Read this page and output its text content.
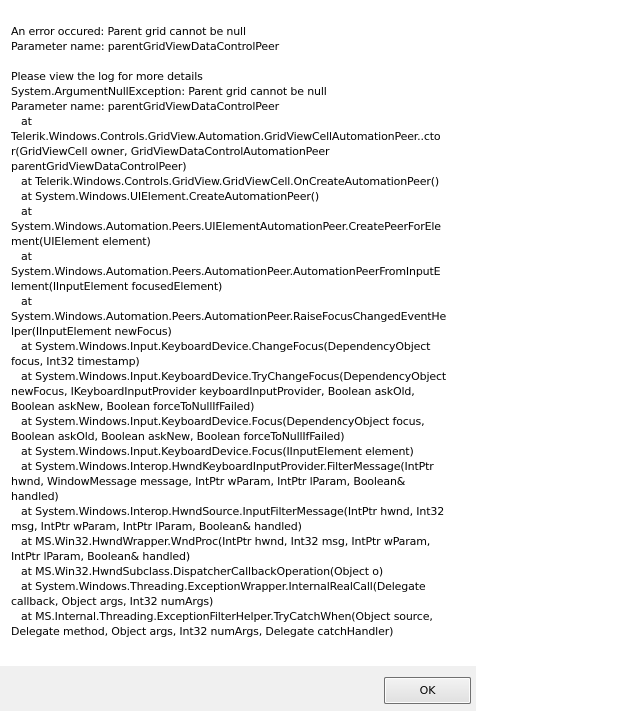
An error occured: Parent grid cannot be null
Parameter name: parentGridViewDataControlPeer
Please view the log for more details
System.ArgumentNullException: Parent grid cannot be null
Parameter name: parentGridViewDataControlPeer
at
Telerik.Windows.Controls.GridView.Automation.GridViewCellAutomationPeer..cto
r(GridViewCell owner, GridViewDataControlAutomationPeer
parentGridViewDataControlPeer)
at Telerik.Windows.Controls.GridView.GridViewCell.OnCreateAutomationPeer()
at System.Windows.UIElement.CreateAutomationPeer()
at
System.Windows.Automation.Peers.UIElementAutomationPeer.CreatePeerForEle
ment(UIElement element)
at
System.Windows.Automation.Peers.AutomationPeer.AutomationPeerFromInputE
lement(IInputElement focusedElement)
at
System.Windows.Automation.Peers.AutomationPeer.RaiseFocusChangedEventHe
lper(IInputElement newFocus)
at System.Windows.Input.KeyboardDevice.ChangeFocus(DependencyObject
focus, Int32 timestamp)
at System.Windows.Input.KeyboardDevice.TryChangeFocus(DependencyObject
newFocus, IKeyboardInputProvider keyboardInputProvider, Boolean askOld,
Boolean askNew, Boolean forceToNullIfFailed)
at System.Windows.Input.KeyboardDevice.Focus(DependencyObject focus,
Boolean askOld, Boolean askNew, Boolean forceToNullIfFailed)
at System.Windows.Input.KeyboardDevice.Focus(IInputElement element)
at System.Windows.Interop.HwndKeyboardInputProvider.FilterMessage(IntPtr
hwnd, WindowMessage message, IntPtr wParam, IntPtr lParam, Boolean&
handled)
at System.Windows.Interop.HwndSource.InputFilterMessage(IntPtr hwnd, Int32
msg, IntPtr wParam, IntPtr lParam, Boolean& handled)
at MS.Win32.HwndWrapper.WndProc(IntPtr hwnd, Int32 msg, IntPtr wParam,
IntPtr lParam, Boolean& handled)
at MS.Win32.HwndSubclass.DispatcherCallbackOperation(Object o)
at System.Windows.Threading.ExceptionWrapper.InternalRealCall(Delegate
callback, Object args, Int32 numArgs)
at MS.Internal.Threading.ExceptionFilterHelper.TryCatchWhen(Object source,
Delegate method, Object args, Int32 numArgs, Delegate catchHandler)
OK
